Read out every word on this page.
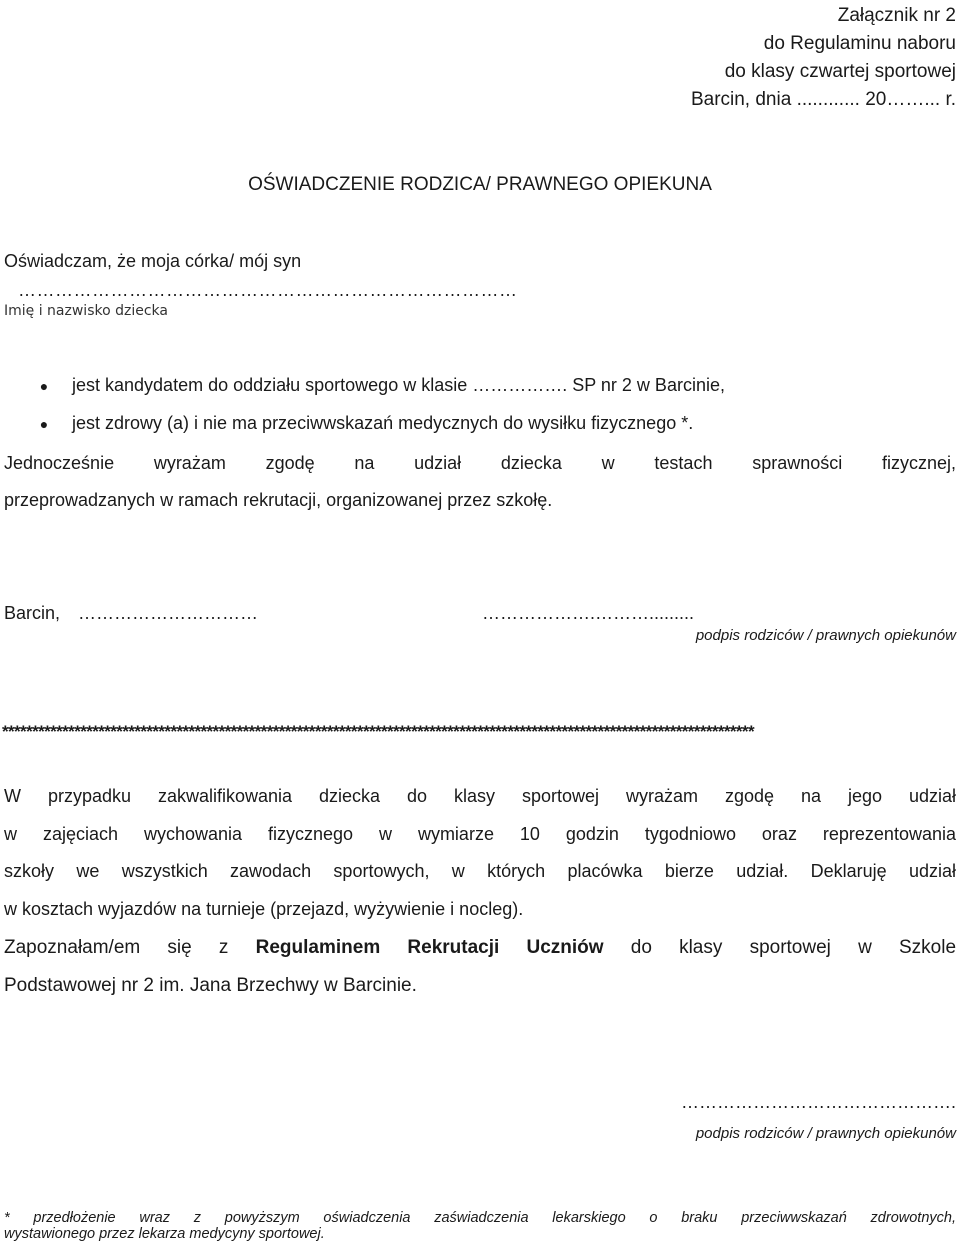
Załącznik nr 2
do Regulaminu naboru
do klasy czwartej sportowej
Barcin, dnia ............ 20……... r.
OŚWIADCZENIE RODZICA/ PRAWNEGO OPIEKUNA
Oświadczam, że moja córka/ mój syn
………………………………………………………………………
Imię i nazwisko dziecka
● jest kandydatem do oddziału sportowego w klasie ……………. SP nr 2 w Barcinie,
● jest zdrowy (a) i nie ma przeciwwskazań medycznych do wysiłku fizycznego *.
Jednocześnie wyrażam zgodę na udział dziecka w testach sprawności fizycznej,
przeprowadzanych w ramach rekrutacji, organizowanej przez szkołę.
Barcin, …………………………	……………….……….........
podpis rodziców / prawnych opiekunów
*****************************************************************************************************************************
W przypadku zakwalifikowania dziecka do klasy sportowej wyrażam zgodę na jego udział
w zajęciach wychowania fizycznego w wymiarze 10 godzin tygodniowo oraz reprezentowania
szkoły we wszystkich zawodach sportowych, w których placówka bierze udział. Deklaruję udział
w kosztach wyjazdów na turnieje (przejazd, wyżywienie i nocleg).
Zapoznałam/em się z Regulaminem Rekrutacji Uczniów do klasy sportowej w Szkole
Podstawowej nr 2 im. Jana Brzechwy w Barcinie.
……………………………………….
podpis rodziców / prawnych opiekunów
* przedłożenie wraz z powyższym oświadczenia zaświadczenia lekarskiego o braku przeciwwskazań zdrowotnych,
wystawionego przez lekarza medycyny sportowej.
